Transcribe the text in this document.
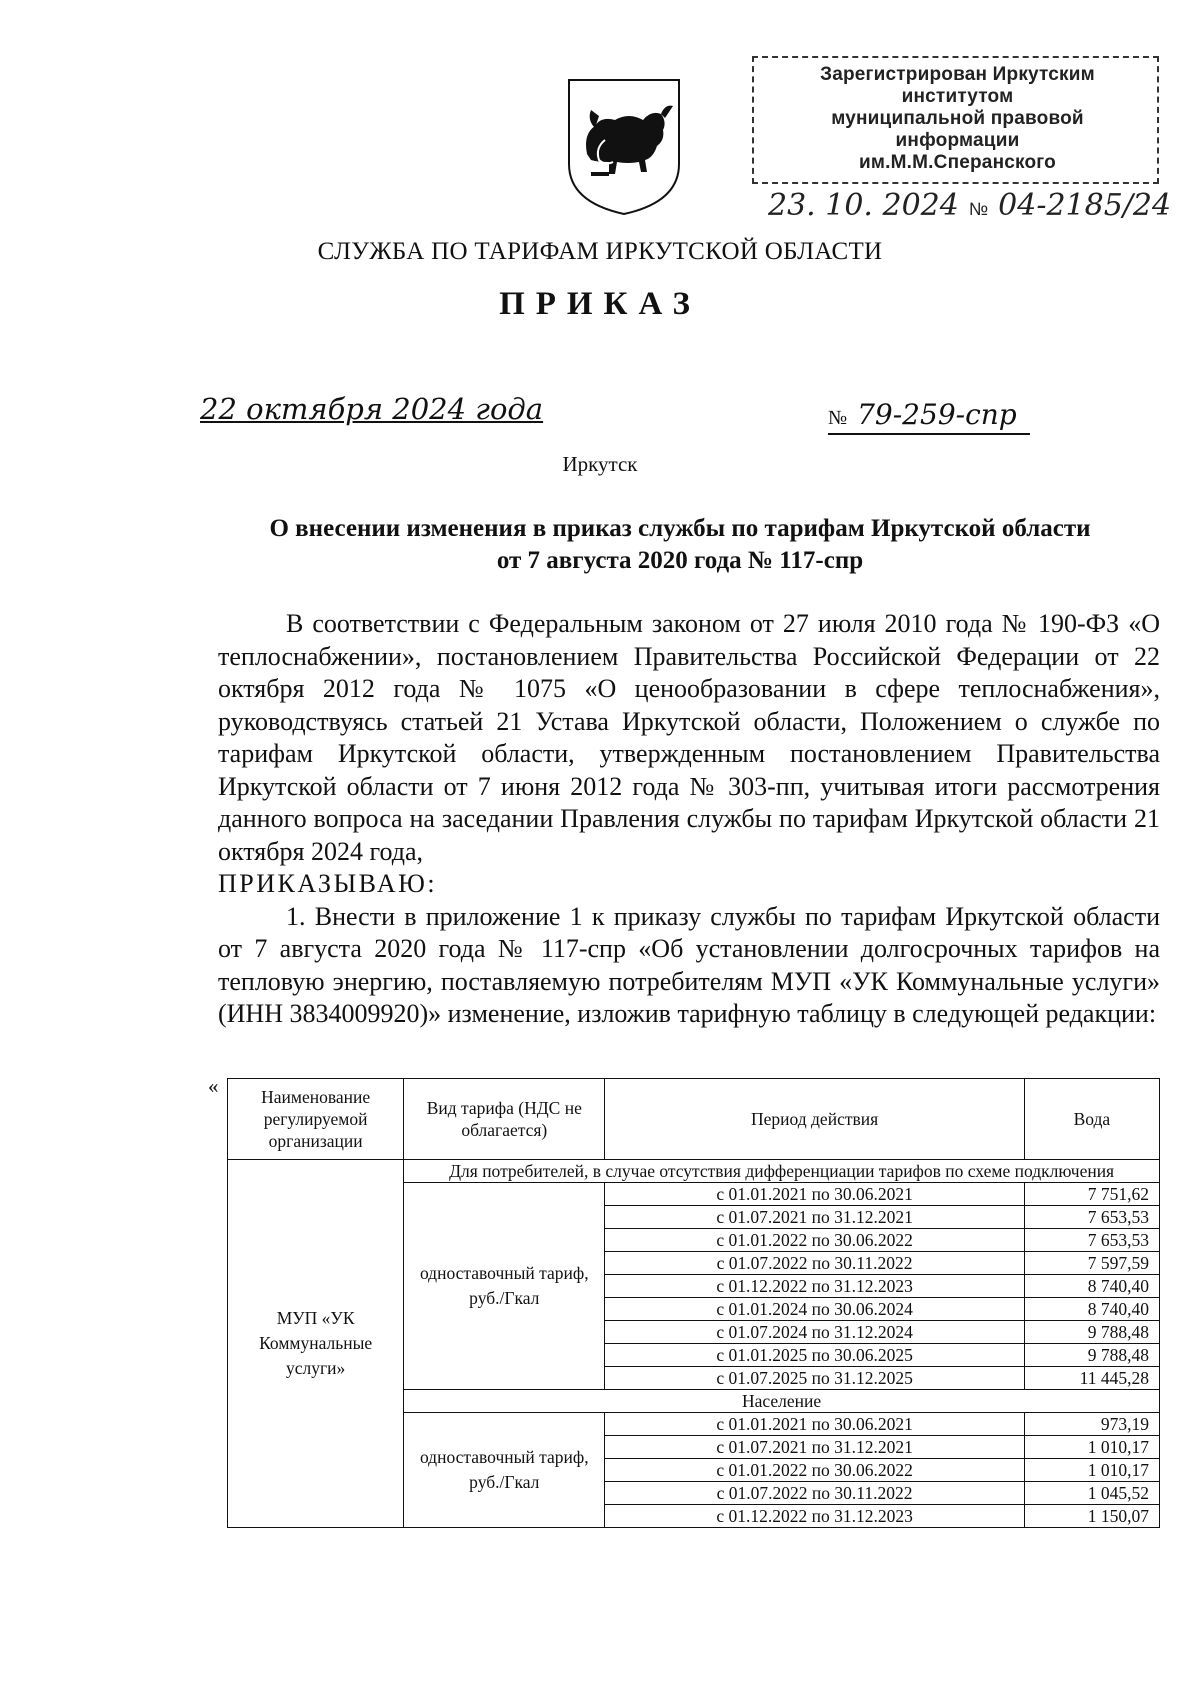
Зарегистрирован Иркутским институтом
муниципальной правовой информации
им.М.М.Сперанского
23. 10. 2024 № 04-2185/24
СЛУЖБА ПО ТАРИФАМ ИРКУТСКОЙ ОБЛАСТИ
ПРИКАЗ
22 октября 2024 года	№ 79-259-спр
Иркутск
О внесении изменения в приказ службы по тарифам Иркутской области
от 7 августа 2020 года № 117-спр

В соответствии с Федеральным законом от 27 июля 2010 года № 190-ФЗ «О теплоснабжении», постановлением Правительства Российской Федерации от 22 октября 2012 года № 1075 «О ценообразовании в сфере теплоснабжения», руководствуясь статьей 21 Устава Иркутской области, Положением о службе по тарифам Иркутской области, утвержденным постановлением Правительства Иркутской области от 7 июня 2012 года № 303-пп, учитывая итоги рассмотрения данного вопроса на заседании Правления службы по тарифам Иркутской области 21 октября 2024 года,

ПРИКАЗЫВАЮ:

1. Внести в приложение 1 к приказу службы по тарифам Иркутской области от 7 августа 2020 года № 117-спр «Об установлении долгосрочных тарифов на тепловую энергию, поставляемую потребителям МУП «УК Коммунальные услуги» (ИНН 3834009920)» изменение, изложив тарифную таблицу в следующей редакции:

« Наименование регулируемой организации	Вид тарифа (НДС не облагается)	Период действия	Вода
МУП «УК Коммунальные услуги»	Для потребителей, в случае отсутствия дифференциации тарифов по схеме подключения		
	одноставочный тариф, руб./Гкал	с 01.01.2021 по 30.06.2021	7 751,62
		с 01.07.2021 по 31.12.2021	7 653,53
		с 01.01.2022 по 30.06.2022	7 653,53
		с 01.07.2022 по 30.11.2022	7 597,59
		с 01.12.2022 по 31.12.2023	8 740,40
		с 01.01.2024 по 30.06.2024	8 740,40
		с 01.07.2024 по 31.12.2024	9 788,48
		с 01.01.2025 по 30.06.2025	9 788,48
		с 01.07.2025 по 31.12.2025	11 445,28
	Население		
	одноставочный тариф, руб./Гкал	с 01.01.2021 по 30.06.2021	973,19
		с 01.07.2021 по 31.12.2021	1 010,17
		с 01.01.2022 по 30.06.2022	1 010,17
		с 01.07.2022 по 30.11.2022	1 045,52
		с 01.12.2022 по 31.12.2023	1 150,07
